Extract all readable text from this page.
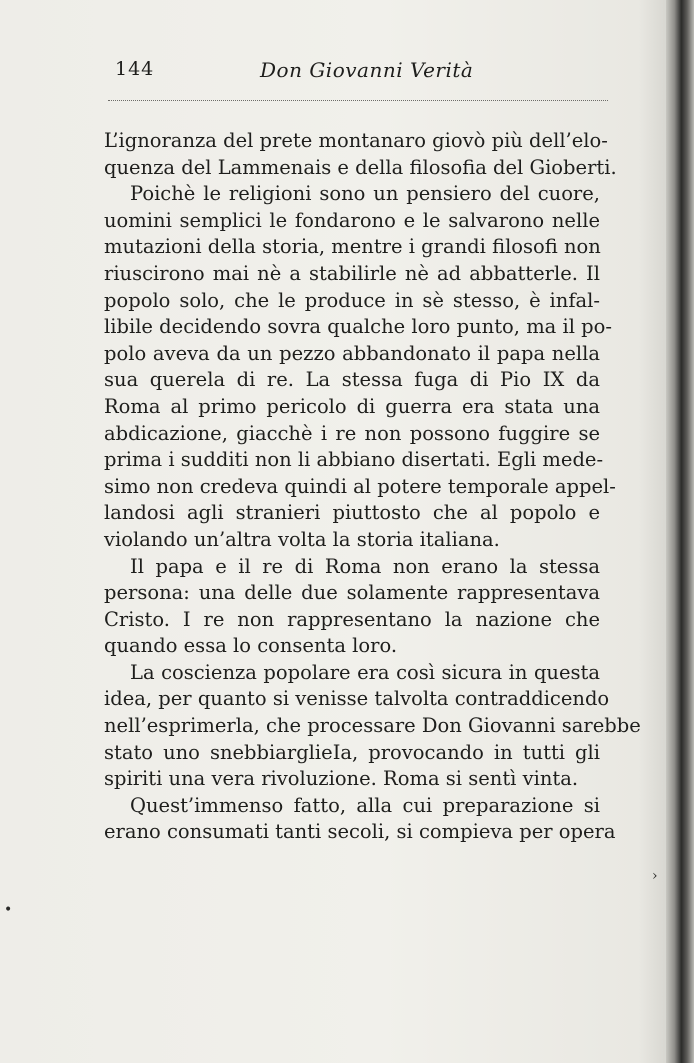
144	Don Giovanni Verità
L’ignoranza del prete montanaro giovò più dell’elo-
quenza del Lammenais e della filosofia del Gioberti.
Poichè le religioni sono un pensiero del cuore,
uomini semplici le fondarono e le salvarono nelle
mutazioni della storia, mentre i grandi filosofi non
riuscirono mai nè a stabilirle nè ad abbatterle. Il
popolo solo, che le produce in sè stesso, è infal-
libile decidendo sovra qualche loro punto, ma il po-
polo aveva da un pezzo abbandonato il papa nella
sua querela di re. La stessa fuga di Pio IX da
Roma al primo pericolo di guerra era stata una
abdicazione, giacchè i re non possono fuggire se
prima i sudditi non li abbiano disertati. Egli mede-
simo non credeva quindi al potere temporale appel-
landosi agli stranieri piuttosto che al popolo e
violando un’altra volta la storia italiana.
Il papa e il re di Roma non erano la stessa
persona: una delle due solamente rappresentava
Cristo. I re non rappresentano la nazione che
quando essa lo consenta loro.
La coscienza popolare era così sicura in questa
idea, per quanto si venisse talvolta contraddicendo
nell’esprimerla, che processare Don Giovanni sarebbe
stato uno snebbiarglieIa, provocando in tutti gli
spiriti una vera rivoluzione. Roma si sentì vinta.
Quest’immenso fatto, alla cui preparazione si
erano consumati tanti secoli, si compieva per opera
›
•
